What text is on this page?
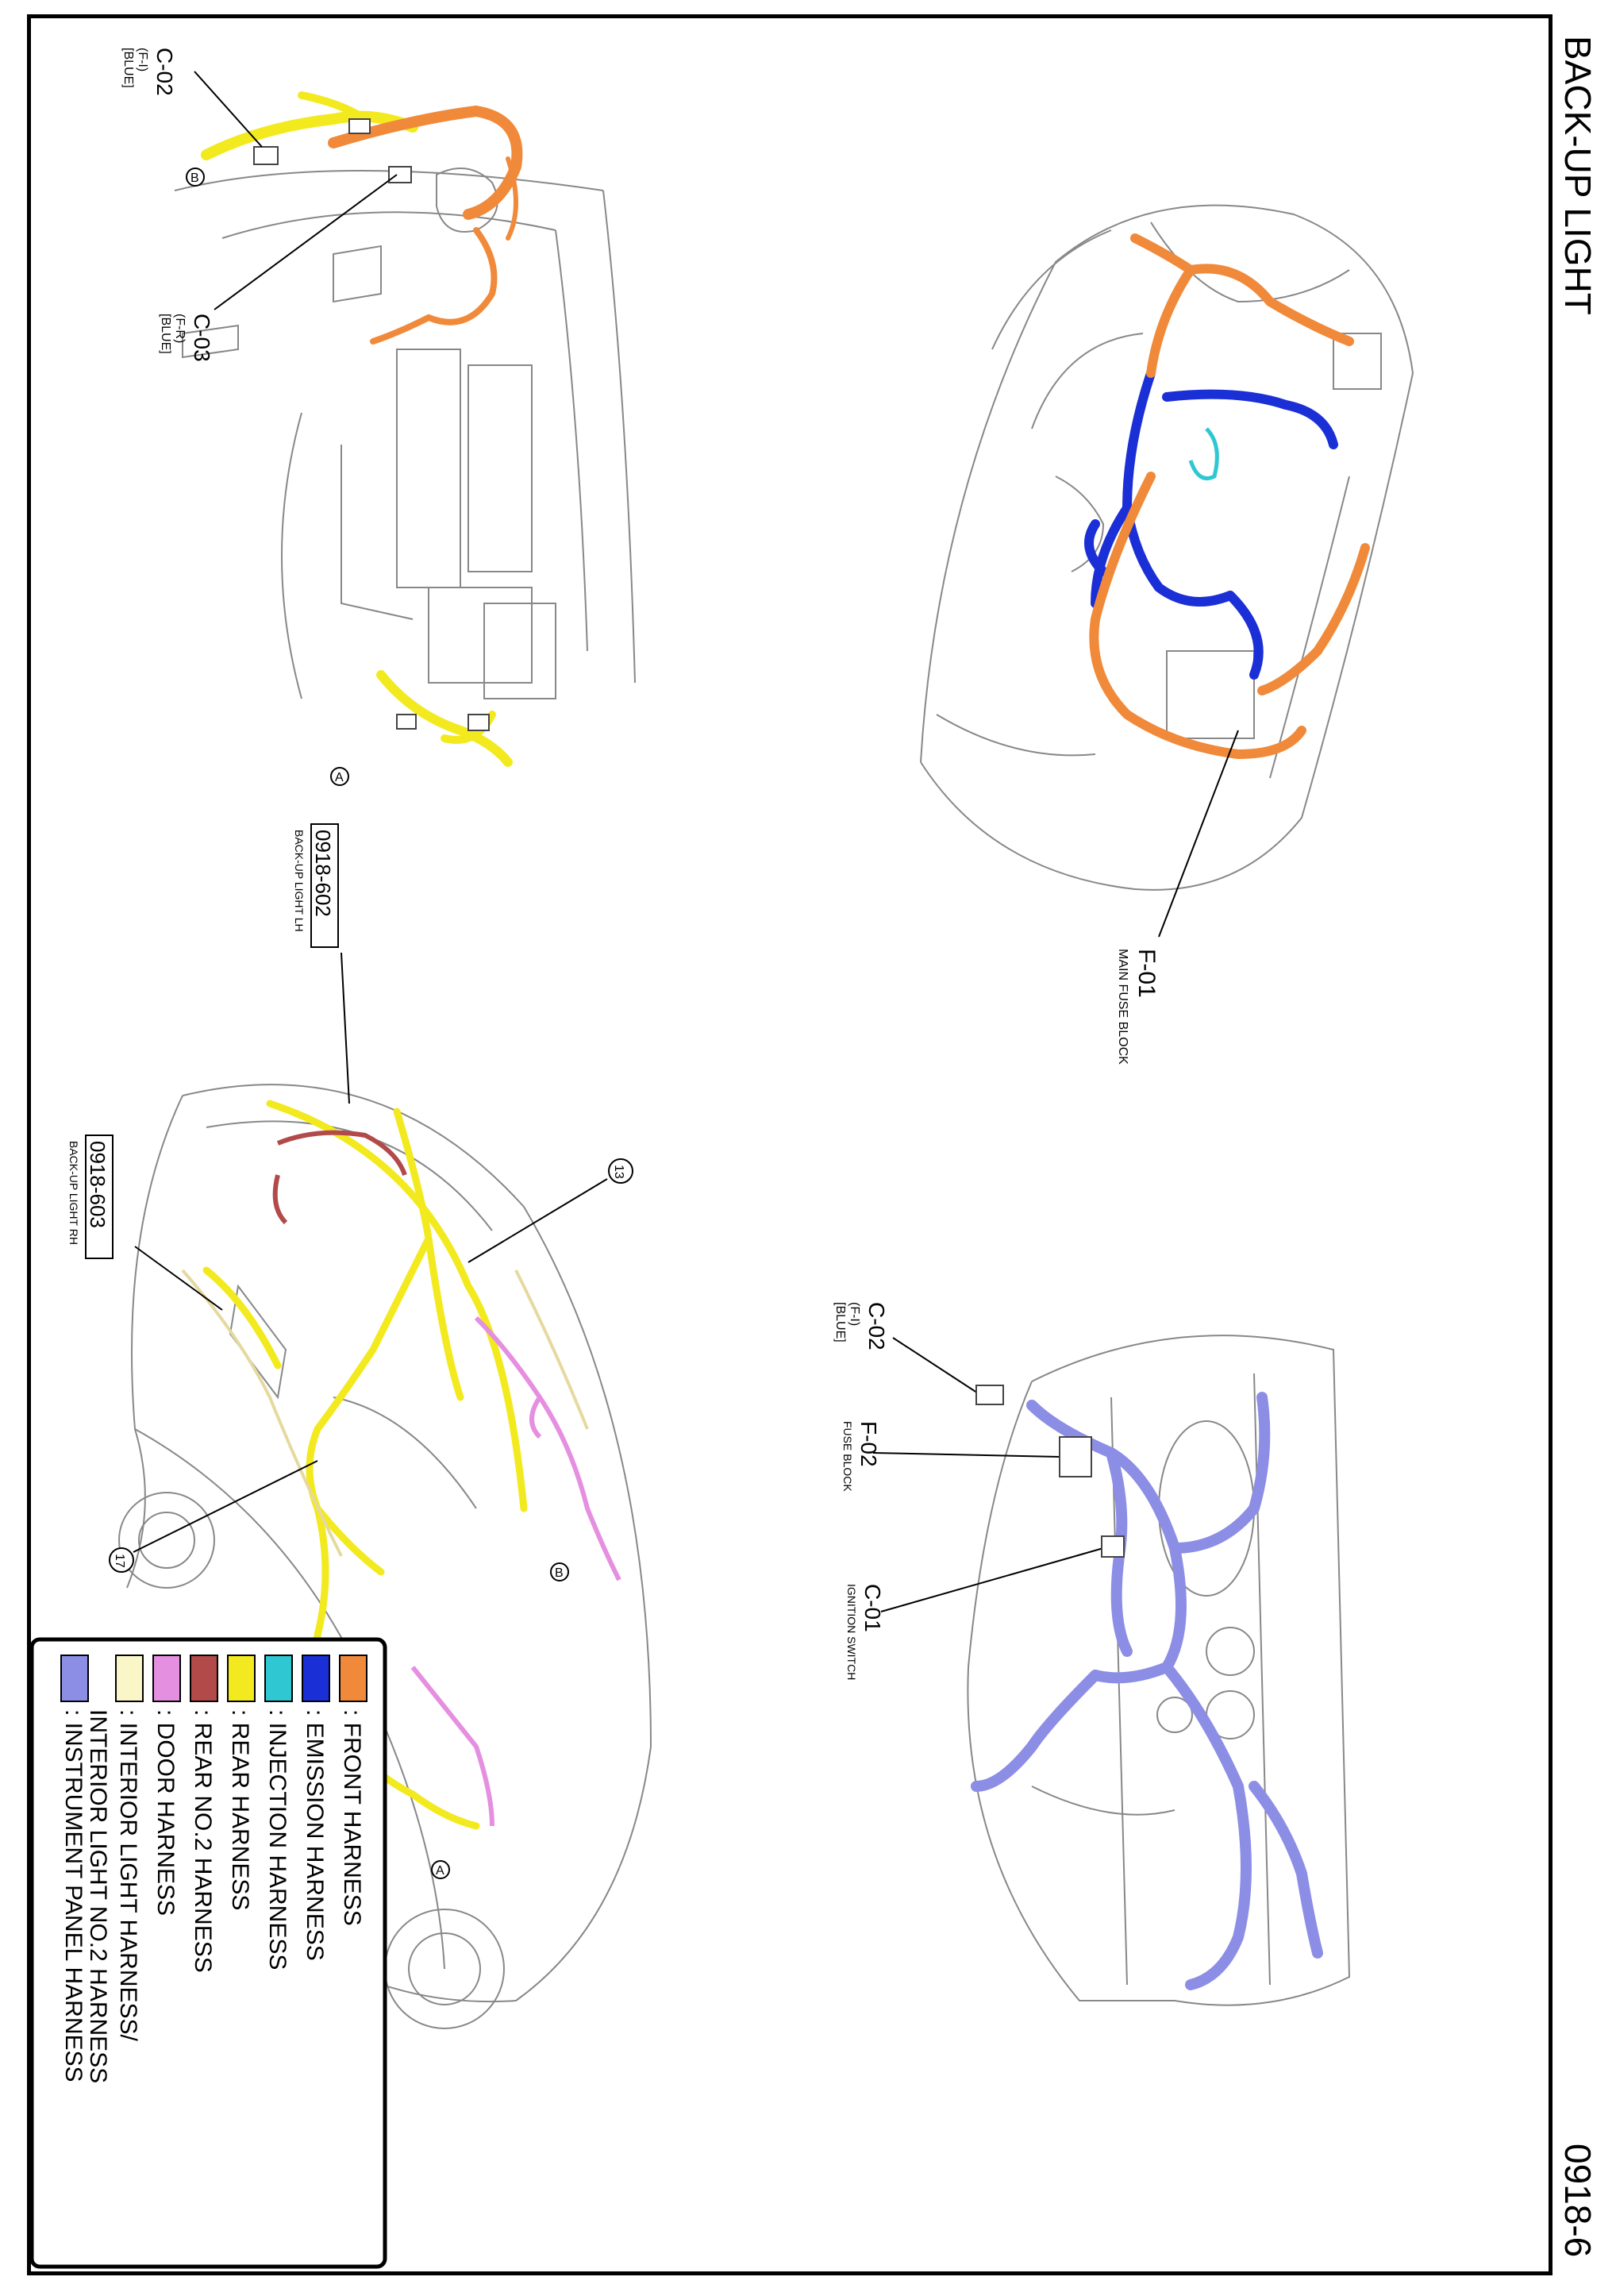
BACK-UP LIGHT
0918-6
C-02
(F-I)
[BLUE]
B
C-03
(F-R)
[BLUE]
A
F-01
MAIN FUSE BLOCK
0918-602
BACK-UP LIGHT LH
0918-603
BACK-UP LIGHT RH	13
17
B
A
C-02
(F-I)
[BLUE]
F-02
FUSE BLOCK
C-01
IGNITION SWITCH
: FRONT HARNESS
: EMISSION HARNESS
: INJECTION HARNESS
: REAR HARNESS
: REAR NO.2 HARNESS
: DOOR HARNESS
: INTERIOR LIGHT HARNESS/
INTERIOR LIGHT NO.2 HARNESS
: INSTRUMENT PANEL HARNESS
